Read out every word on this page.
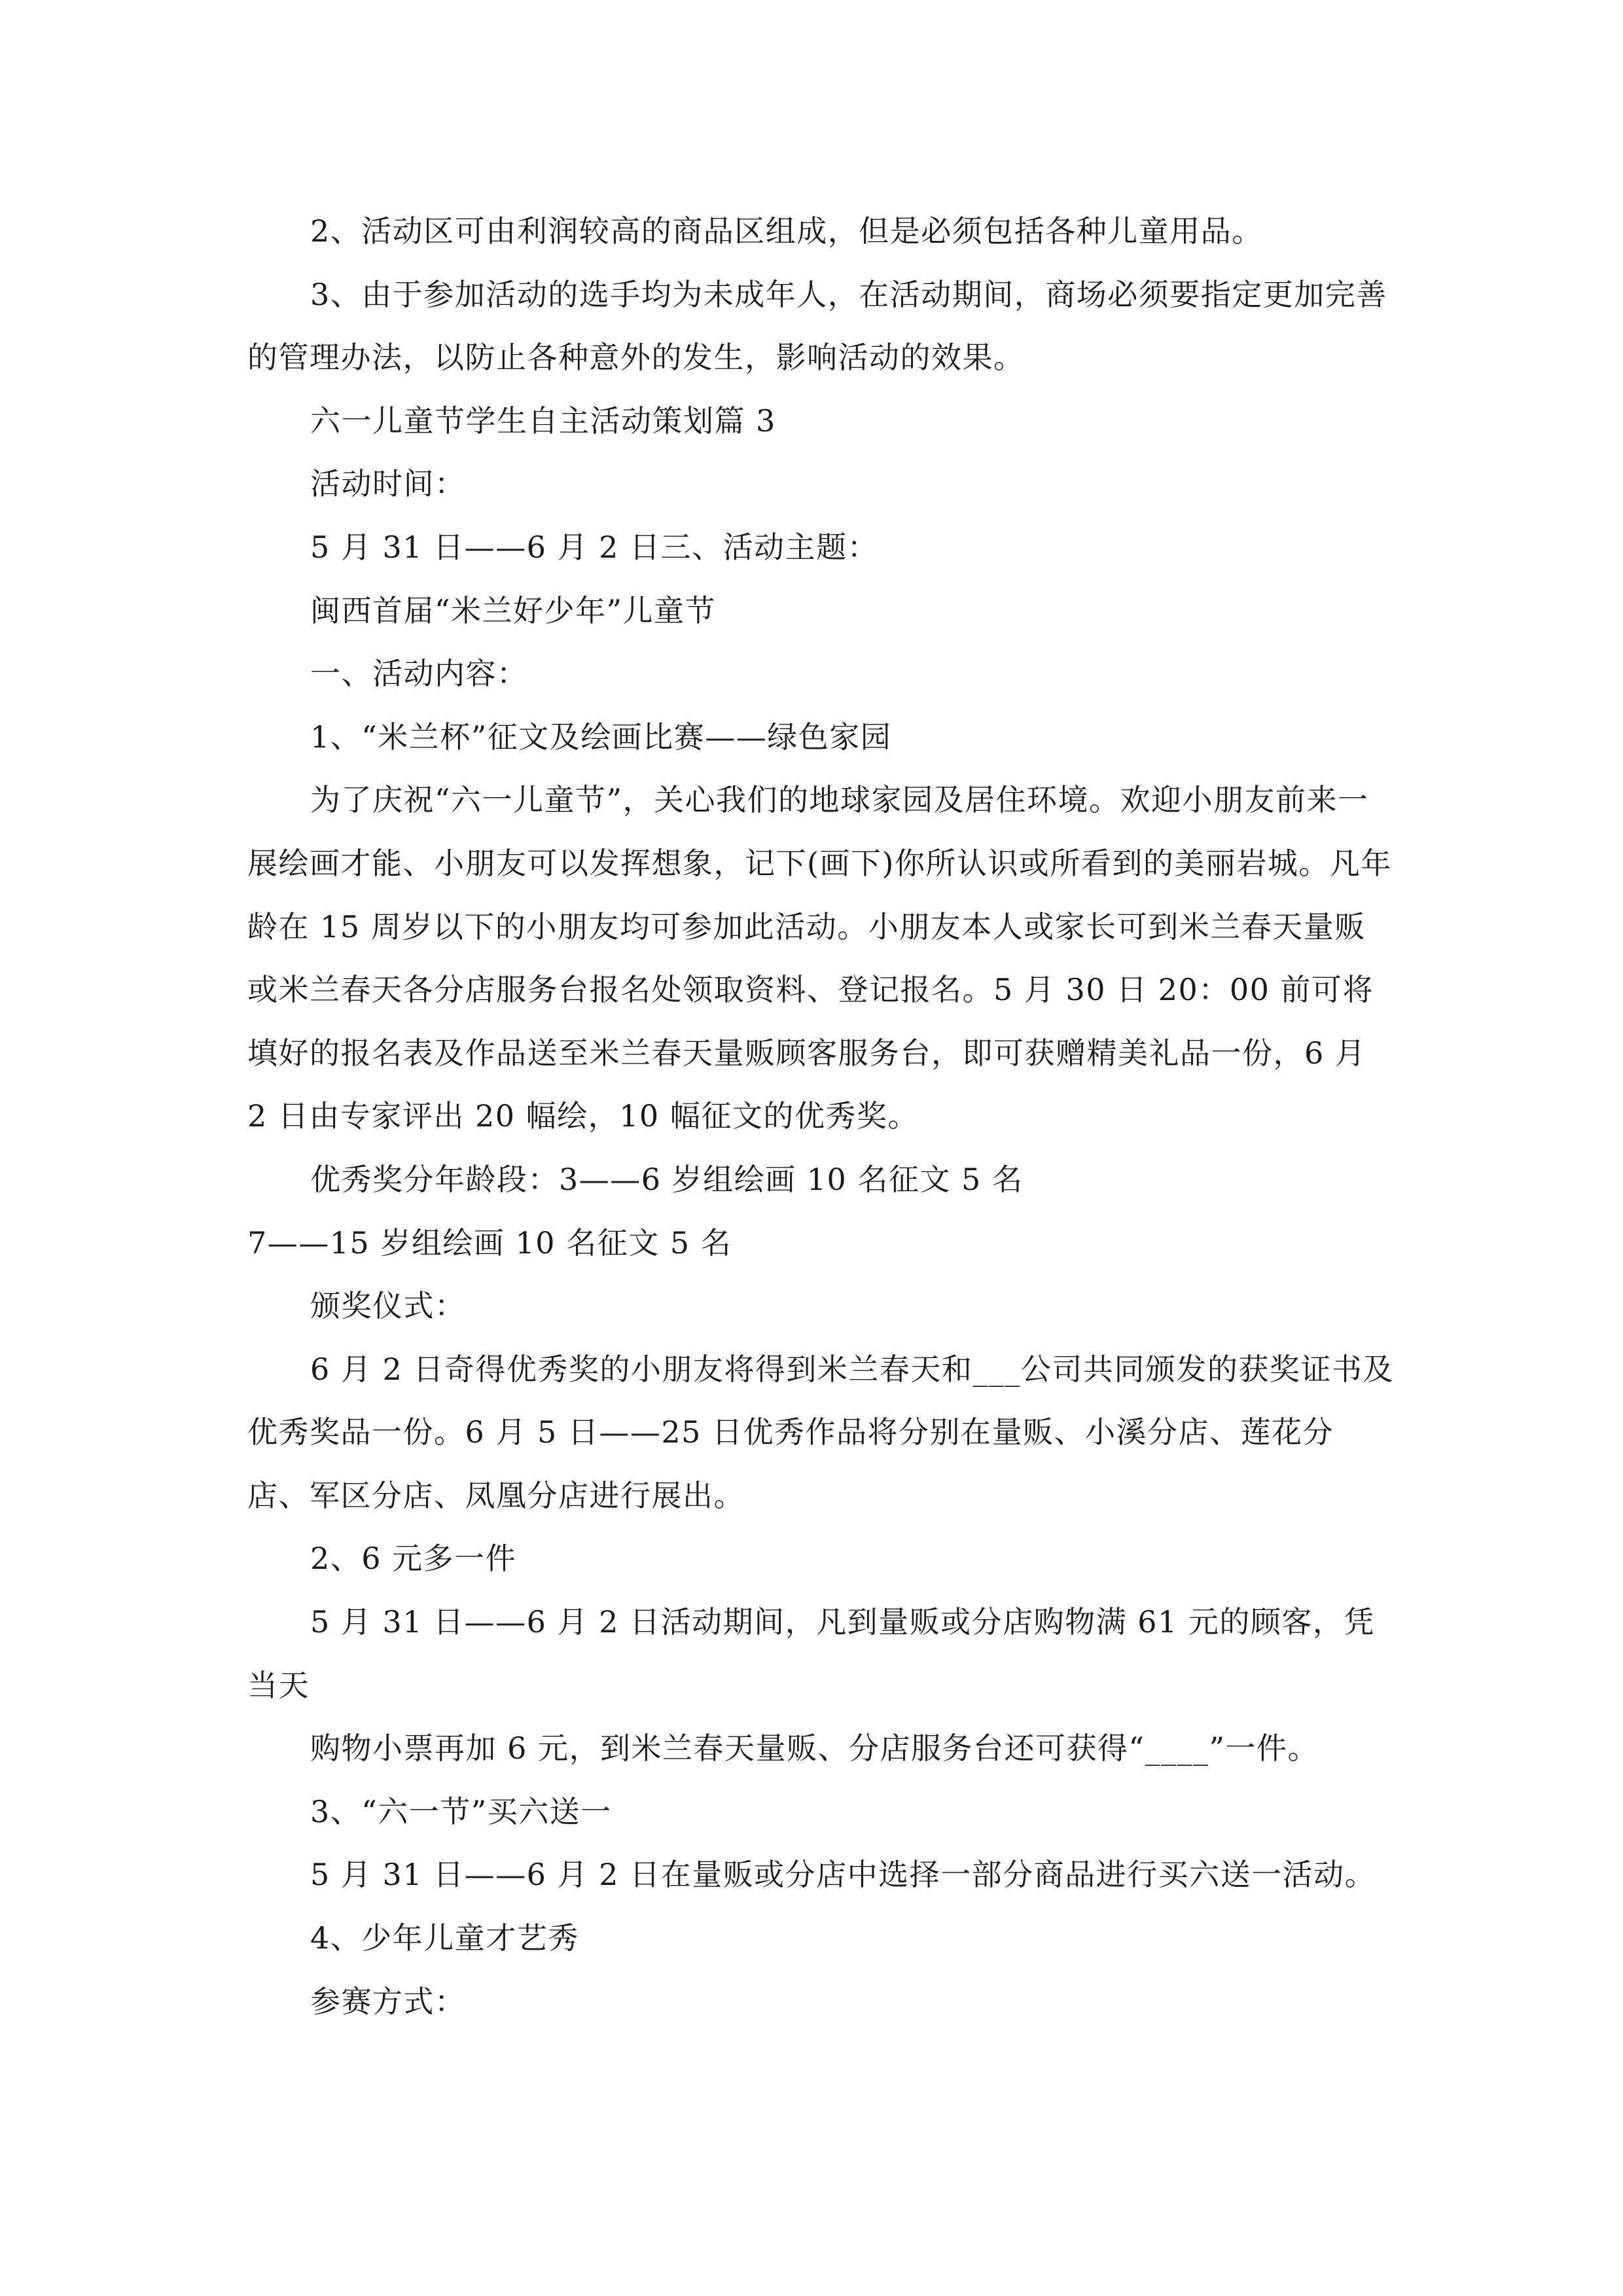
2、活动区可由利润较高的商品区组成，但是必须包括各种儿童用品。

3、由于参加活动的选手均为未成年人，在活动期间，商场必须要指定更加完善的管理办法，以防止各种意外的发生，影响活动的效果。

六一儿童节学生自主活动策划篇 3

活动时间：

5 月 31 日——6 月 2 日三、活动主题：

闽西首届“米兰好少年”儿童节

一、活动内容：

1、“米兰杯”征文及绘画比赛——绿色家园

为了庆祝“六一儿童节”，关心我们的地球家园及居住环境。欢迎小朋友前来一展绘画才能、小朋友可以发挥想象，记下(画下)你所认识或所看到的美丽岩城。凡年龄在 15 周岁以下的小朋友均可参加此活动。小朋友本人或家长可到米兰春天量贩或米兰春天各分店服务台报名处领取资料、登记报名。5 月 30 日 20：00 前可将填好的报名表及作品送至米兰春天量贩顾客服务台，即可获赠精美礼品一份，6 月 2 日由专家评出 20 幅绘，10 幅征文的优秀奖。

优秀奖分年龄段：3——6 岁组绘画 10 名征文 5 名

7——15 岁组绘画 10 名征文 5 名

颁奖仪式：

6 月 2 日奇得优秀奖的小朋友将得到米兰春天和___公司共同颁发的获奖证书及优秀奖品一份。6 月 5 日——25 日优秀作品将分别在量贩、小溪分店、莲花分店、军区分店、凤凰分店进行展出。

2、6 元多一件

5 月 31 日——6 月 2 日活动期间，凡到量贩或分店购物满 61 元的顾客，凭当天

购物小票再加 6 元，到米兰春天量贩、分店服务台还可获得“____”一件。

3、“六一节”买六送一

5 月 31 日——6 月 2 日在量贩或分店中选择一部分商品进行买六送一活动。

4、少年儿童才艺秀

参赛方式：
